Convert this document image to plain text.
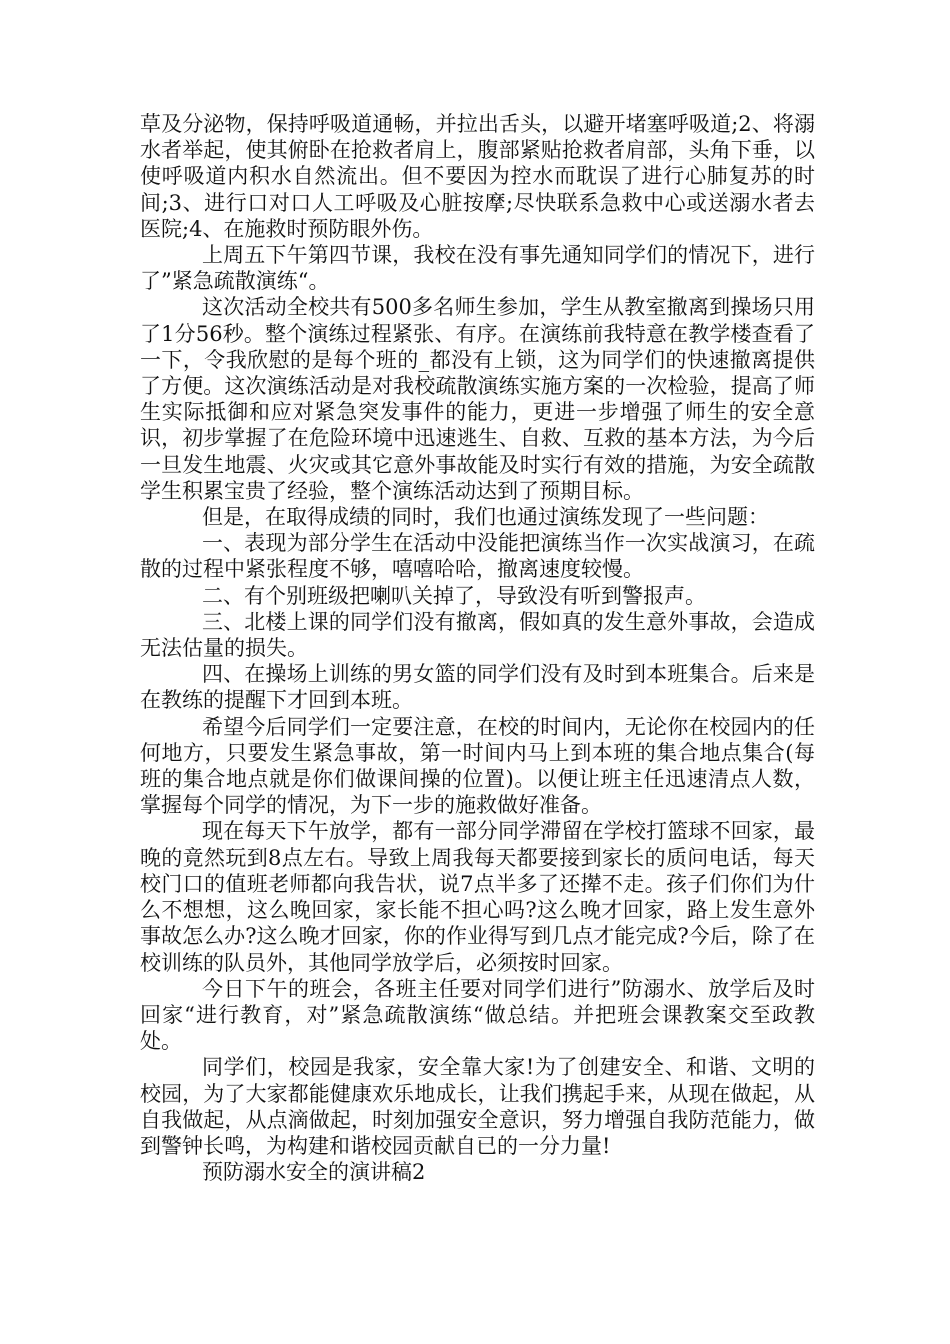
草及分泌物，保持呼吸道通畅，并拉出舌头，以避开堵塞呼吸道;2、将溺水者举起，使其俯卧在抢救者肩上，腹部紧贴抢救者肩部，头角下垂，以使呼吸道内积水自然流出。但不要因为控水而耽误了进行心肺复苏的时间;3、进行口对口人工呼吸及心脏按摩;尽快联系急救中心或送溺水者去医院;4、在施救时预防眼外伤。

上周五下午第四节课，我校在没有事先通知同学们的情况下，进行了”紧急疏散演练“。

这次活动全校共有500多名师生参加，学生从教室撤离到操场只用了1分56秒。整个演练过程紧张、有序。在演练前我特意在教学楼查看了一下，令我欣慰的是每个班的_都没有上锁，这为同学们的快速撤离提供了方便。这次演练活动是对我校疏散演练实施方案的一次检验，提高了师生实际抵御和应对紧急突发事件的能力，更进一步增强了师生的安全意识，初步掌握了在危险环境中迅速逃生、自救、互救的基本方法，为今后一旦发生地震、火灾或其它意外事故能及时实行有效的措施，为安全疏散学生积累宝贵了经验，整个演练活动达到了预期目标。

但是，在取得成绩的同时，我们也通过演练发现了一些问题：

一、表现为部分学生在活动中没能把演练当作一次实战演习，在疏散的过程中紧张程度不够，嘻嘻哈哈，撤离速度较慢。

二、有个别班级把喇叭关掉了，导致没有听到警报声。

三、北楼上课的同学们没有撤离，假如真的发生意外事故，会造成无法估量的损失。

四、在操场上训练的男女篮的同学们没有及时到本班集合。后来是在教练的提醒下才回到本班。

希望今后同学们一定要注意，在校的时间内，无论你在校园内的任何地方，只要发生紧急事故，第一时间内马上到本班的集合地点集合(每班的集合地点就是你们做课间操的位置)。以便让班主任迅速清点人数，掌握每个同学的情况，为下一步的施救做好准备。

现在每天下午放学，都有一部分同学滞留在学校打篮球不回家，最晚的竟然玩到8点左右。导致上周我每天都要接到家长的质问电话，每天校门口的值班老师都向我告状，说7点半多了还撵不走。孩子们你们为什么不想想，这么晚回家，家长能不担心吗?这么晚才回家，路上发生意外事故怎么办?这么晚才回家，你的作业得写到几点才能完成?今后，除了在校训练的队员外，其他同学放学后，必须按时回家。

今日下午的班会，各班主任要对同学们进行”防溺水、放学后及时回家“进行教育，对”紧急疏散演练“做总结。并把班会课教案交至政教处。

同学们，校园是我家，安全靠大家!为了创建安全、和谐、文明的校园，为了大家都能健康欢乐地成长，让我们携起手来，从现在做起，从自我做起，从点滴做起，时刻加强安全意识，努力增强自我防范能力，做到警钟长鸣，为构建和谐校园贡献自已的一分力量!

预防溺水安全的演讲稿2
